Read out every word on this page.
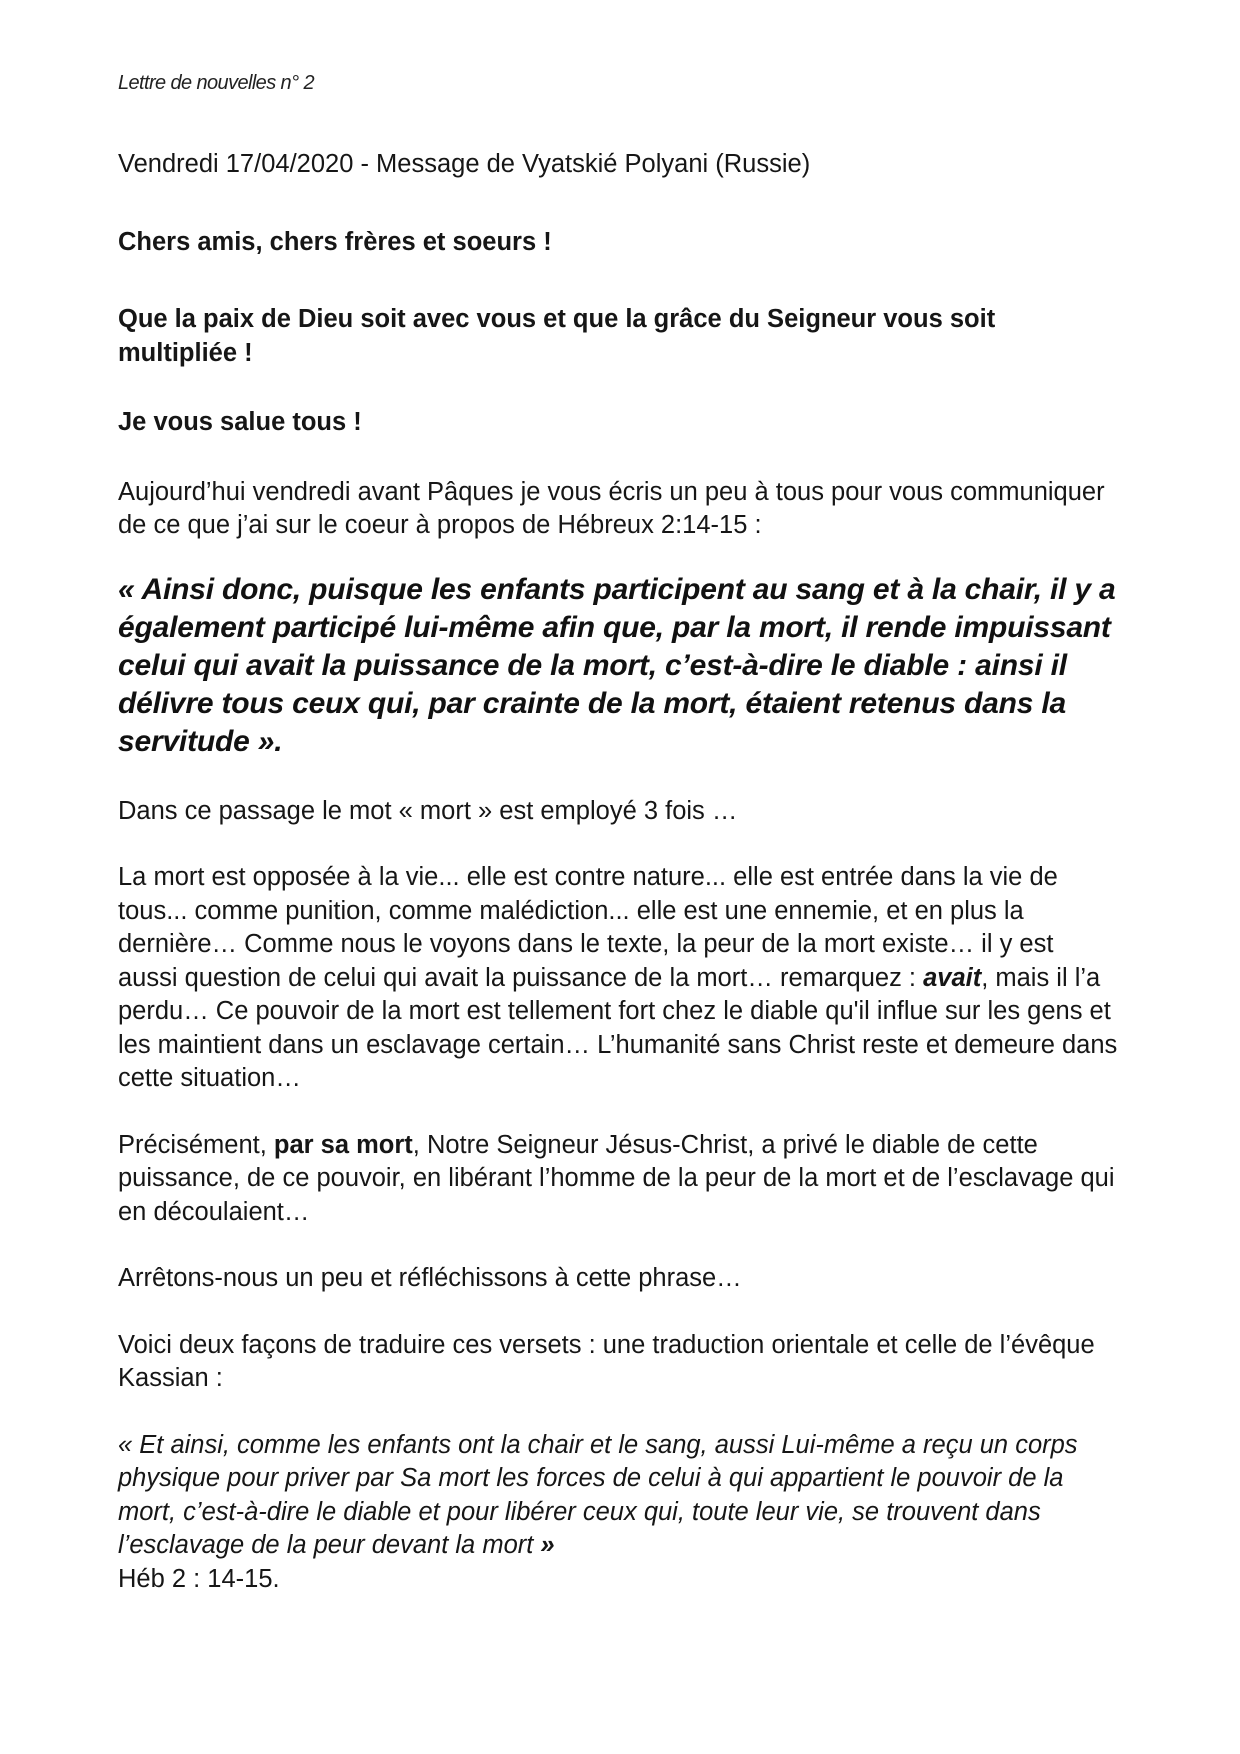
Lettre de nouvelles n° 2

Vendredi 17/04/2020 - Message de Vyatskié Polyani (Russie)

Chers amis, chers frères et soeurs !

Que la paix de Dieu soit avec vous et que la grâce du Seigneur vous soit multipliée !

Je vous salue tous !

Aujourd’hui vendredi avant Pâques je vous écris un peu à tous pour vous communiquer de ce que j’ai sur le coeur à propos de Hébreux 2:14-15 :

« Ainsi donc, puisque les enfants participent au sang et à la chair, il y a également participé lui-même afin que, par la mort, il rende impuissant celui qui avait la puissance de la mort, c’est-à-dire le diable : ainsi il délivre tous ceux qui, par crainte de la mort, étaient retenus dans la servitude ».

Dans ce passage le mot « mort » est employé 3 fois …

La mort est opposée à la vie... elle est contre nature... elle est entrée dans la vie de tous... comme punition, comme malédiction... elle est une ennemie, et en plus la dernière… Comme nous le voyons dans le texte, la peur de la mort existe… il y est aussi question de celui qui avait la puissance de la mort… remarquez : avait, mais il l’a perdu… Ce pouvoir de la mort est tellement fort chez le diable qu'il influe sur les gens et les maintient dans un esclavage certain… L’humanité sans Christ reste et demeure dans cette situation…

Précisément, par sa mort, Notre Seigneur Jésus-Christ, a privé le diable de cette puissance, de ce pouvoir, en libérant l’homme de la peur de la mort et de l’esclavage qui en découlaient…

Arrêtons-nous un peu et réfléchissons à cette phrase…

Voici deux façons de traduire ces versets : une traduction orientale et celle de l’évêque Kassian :

« Et ainsi, comme les enfants ont la chair et le sang, aussi Lui-même a reçu un corps physique pour priver par Sa mort les forces de celui à qui appartient le pouvoir de la mort, c’est-à-dire le diable et pour libérer ceux qui, toute leur vie, se trouvent dans l’esclavage de la peur devant la mort »
Héb 2 : 14-15.
